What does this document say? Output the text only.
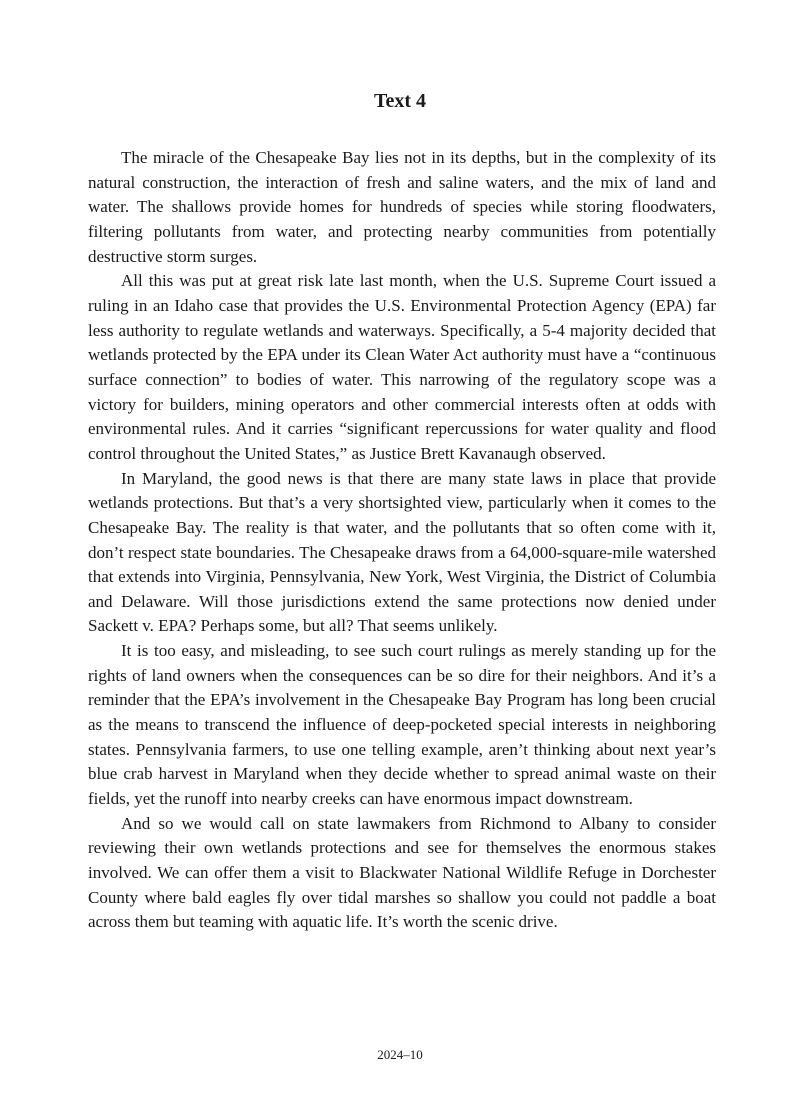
Text 4

The miracle of the Chesapeake Bay lies not in its depths, but in the complexity of its natural construction, the interaction of fresh and saline waters, and the mix of land and water. The shallows provide homes for hundreds of species while storing floodwaters, filtering pollutants from water, and protecting nearby communities from potentially destructive storm surges.

All this was put at great risk late last month, when the U.S. Supreme Court issued a ruling in an Idaho case that provides the U.S. Environmental Protection Agency (EPA) far less authority to regulate wetlands and waterways. Specifically, a 5-4 majority decided that wetlands protected by the EPA under its Clean Water Act authority must have a “continuous surface connection” to bodies of water. This narrowing of the regulatory scope was a victory for builders, mining operators and other commercial interests often at odds with environmental rules. And it carries “significant repercussions for water quality and flood control throughout the United States,” as Justice Brett Kavanaugh observed.

In Maryland, the good news is that there are many state laws in place that provide wetlands protections. But that’s a very shortsighted view, particularly when it comes to the Chesapeake Bay. The reality is that water, and the pollutants that so often come with it, don’t respect state boundaries. The Chesapeake draws from a 64,000-square-mile watershed that extends into Virginia, Pennsylvania, New York, West Virginia, the District of Columbia and Delaware. Will those jurisdictions extend the same protections now denied under Sackett v. EPA? Perhaps some, but all? That seems unlikely.

It is too easy, and misleading, to see such court rulings as merely standing up for the rights of land owners when the consequences can be so dire for their neighbors. And it’s a reminder that the EPA’s involvement in the Chesapeake Bay Program has long been crucial as the means to transcend the influence of deep-pocketed special interests in neighboring states. Pennsylvania farmers, to use one telling example, aren’t thinking about next year’s blue crab harvest in Maryland when they decide whether to spread animal waste on their fields, yet the runoff into nearby creeks can have enormous impact downstream.

And so we would call on state lawmakers from Richmond to Albany to consider reviewing their own wetlands protections and see for themselves the enormous stakes involved. We can offer them a visit to Blackwater National Wildlife Refuge in Dorchester County where bald eagles fly over tidal marshes so shallow you could not paddle a boat across them but teaming with aquatic life. It’s worth the scenic drive.

2024–10
